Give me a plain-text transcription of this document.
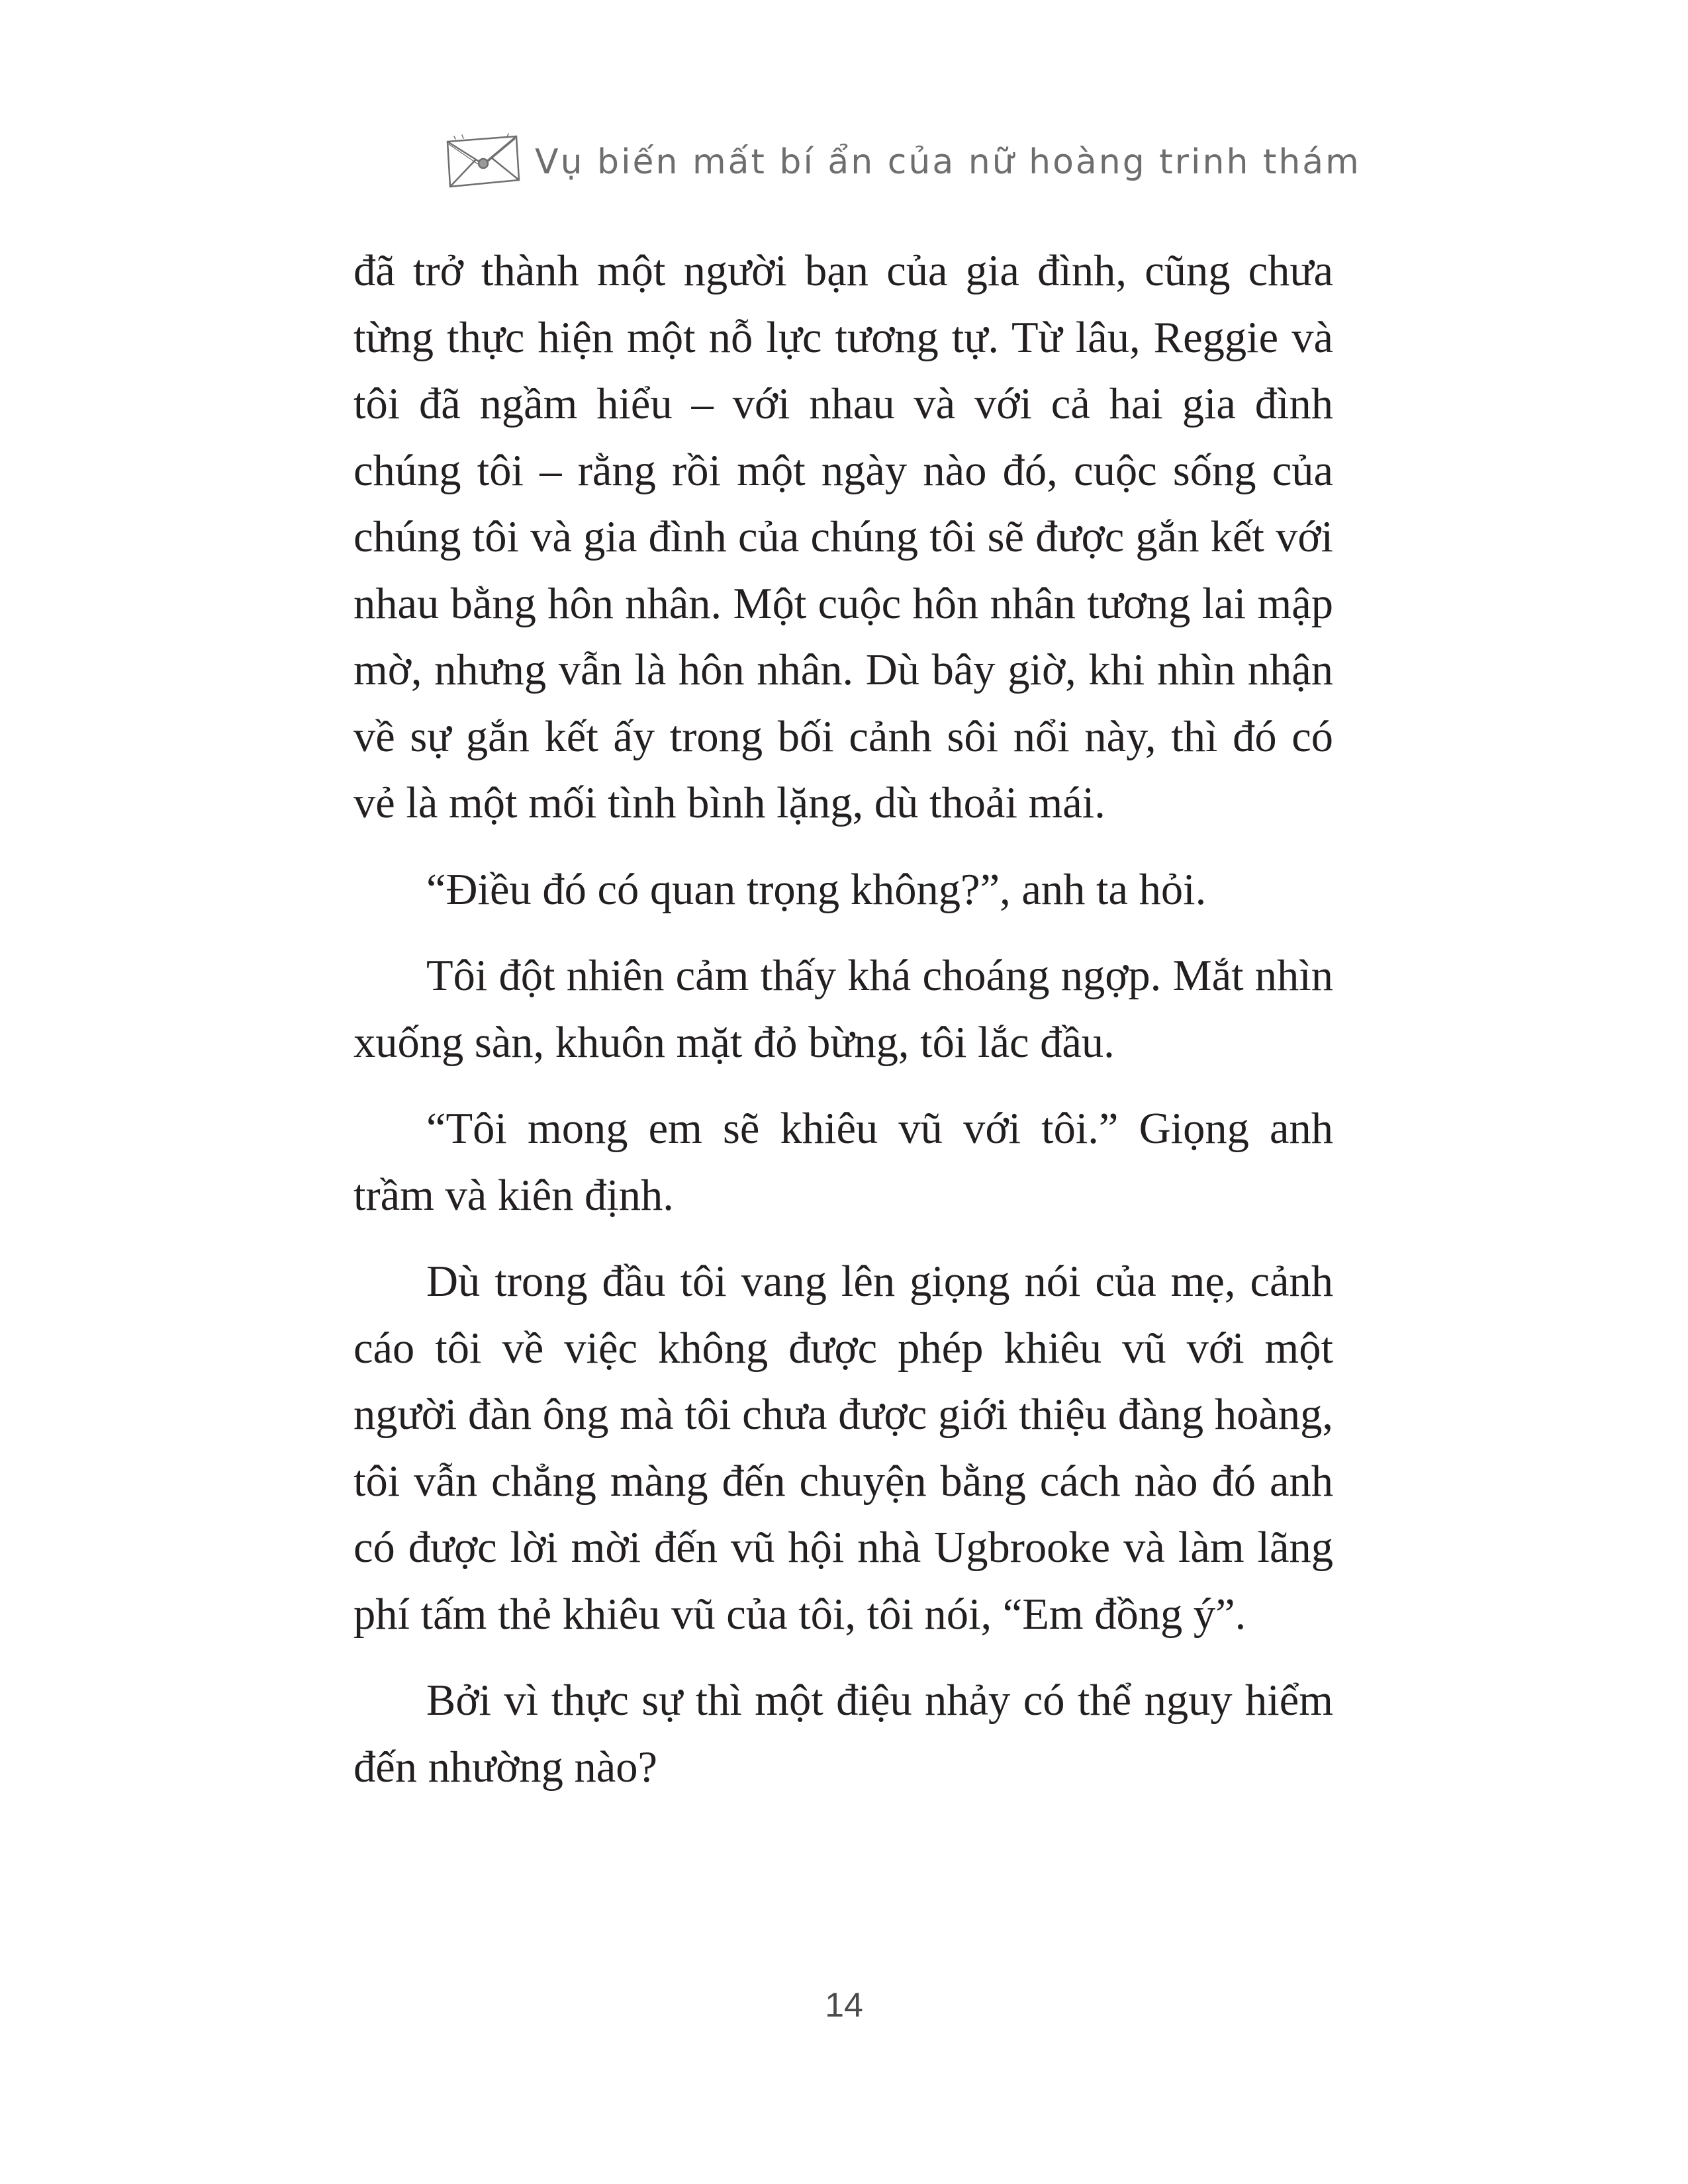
Vụ biến mất bí ẩn của nữ hoàng trinh thám

đã trở thành một người bạn của gia đình, cũng chưa từng thực hiện một nỗ lực tương tự. Từ lâu, Reggie và tôi đã ngầm hiểu – với nhau và với cả hai gia đình chúng tôi – rằng rồi một ngày nào đó, cuộc sống của chúng tôi và gia đình của chúng tôi sẽ được gắn kết với nhau bằng hôn nhân. Một cuộc hôn nhân tương lai mập mờ, nhưng vẫn là hôn nhân. Dù bây giờ, khi nhìn nhận về sự gắn kết ấy trong bối cảnh sôi nổi này, thì đó có vẻ là một mối tình bình lặng, dù thoải mái.

“Điều đó có quan trọng không?”, anh ta hỏi.

Tôi đột nhiên cảm thấy khá choáng ngợp. Mắt nhìn xuống sàn, khuôn mặt đỏ bừng, tôi lắc đầu.

“Tôi mong em sẽ khiêu vũ với tôi.” Giọng anh trầm và kiên định.

Dù trong đầu tôi vang lên giọng nói của mẹ, cảnh cáo tôi về việc không được phép khiêu vũ với một người đàn ông mà tôi chưa được giới thiệu đàng hoàng, tôi vẫn chẳng màng đến chuyện bằng cách nào đó anh có được lời mời đến vũ hội nhà Ugbrooke và làm lãng phí tấm thẻ khiêu vũ của tôi, tôi nói, “Em đồng ý”.

Bởi vì thực sự thì một điệu nhảy có thể nguy hiểm đến nhường nào?

14
